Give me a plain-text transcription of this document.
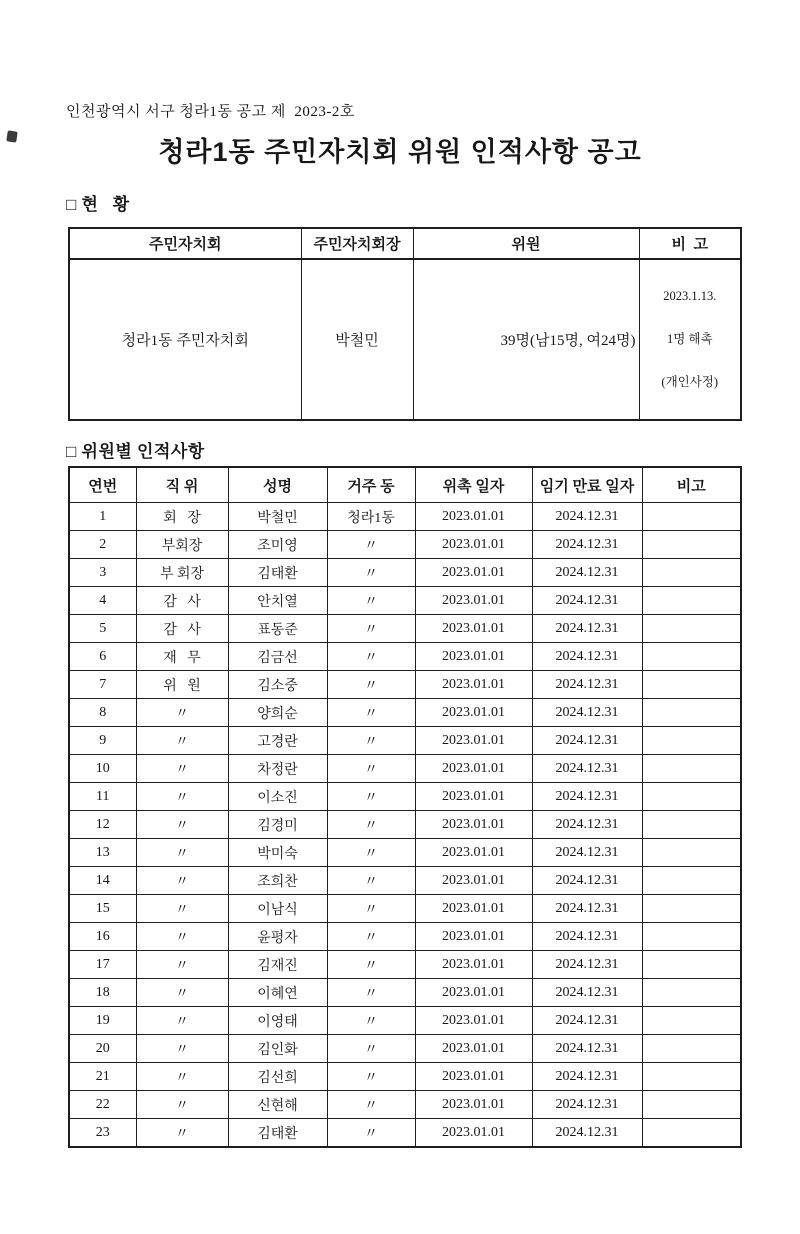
인천광역시 서구 청라1동 공고 제  2023-2호
청라1동 주민자치회 위원 인적사항 공고
□ 현   황
주민자치회	주민자치회장	위원	비  고
청라1동 주민자치회	박철민	39명(남15명, 여24명)	2023.1.13.

1명 해촉

(개인사정)

□ 위원별 인적사항
연번	직 위	성명	거주 동	위촉 일자	임기 만료 일자	비고
1	회   장	박철민	청라1동	2023.01.01	2024.12.31	
2	부회장	조미영	〃	2023.01.01	2024.12.31	
3	부 회장	김태환	〃	2023.01.01	2024.12.31	
4	감   사	안치열	〃	2023.01.01	2024.12.31	
5	감   사	표동준	〃	2023.01.01	2024.12.31	
6	재   무	김금선	〃	2023.01.01	2024.12.31	
7	위   원	김소중	〃	2023.01.01	2024.12.31	
8	〃	양희순	〃	2023.01.01	2024.12.31	
9	〃	고경란	〃	2023.01.01	2024.12.31	
10	〃	차정란	〃	2023.01.01	2024.12.31	
11	〃	이소진	〃	2023.01.01	2024.12.31	
12	〃	김경미	〃	2023.01.01	2024.12.31	
13	〃	박미숙	〃	2023.01.01	2024.12.31	
14	〃	조희찬	〃	2023.01.01	2024.12.31	
15	〃	이남식	〃	2023.01.01	2024.12.31	
16	〃	윤평자	〃	2023.01.01	2024.12.31	
17	〃	김재진	〃	2023.01.01	2024.12.31	
18	〃	이혜연	〃	2023.01.01	2024.12.31	
19	〃	이영태	〃	2023.01.01	2024.12.31	
20	〃	김인화	〃	2023.01.01	2024.12.31	
21	〃	김선희	〃	2023.01.01	2024.12.31	
22	〃	신현해	〃	2023.01.01	2024.12.31	
23	〃	김태환	〃	2023.01.01	2024.12.31	
